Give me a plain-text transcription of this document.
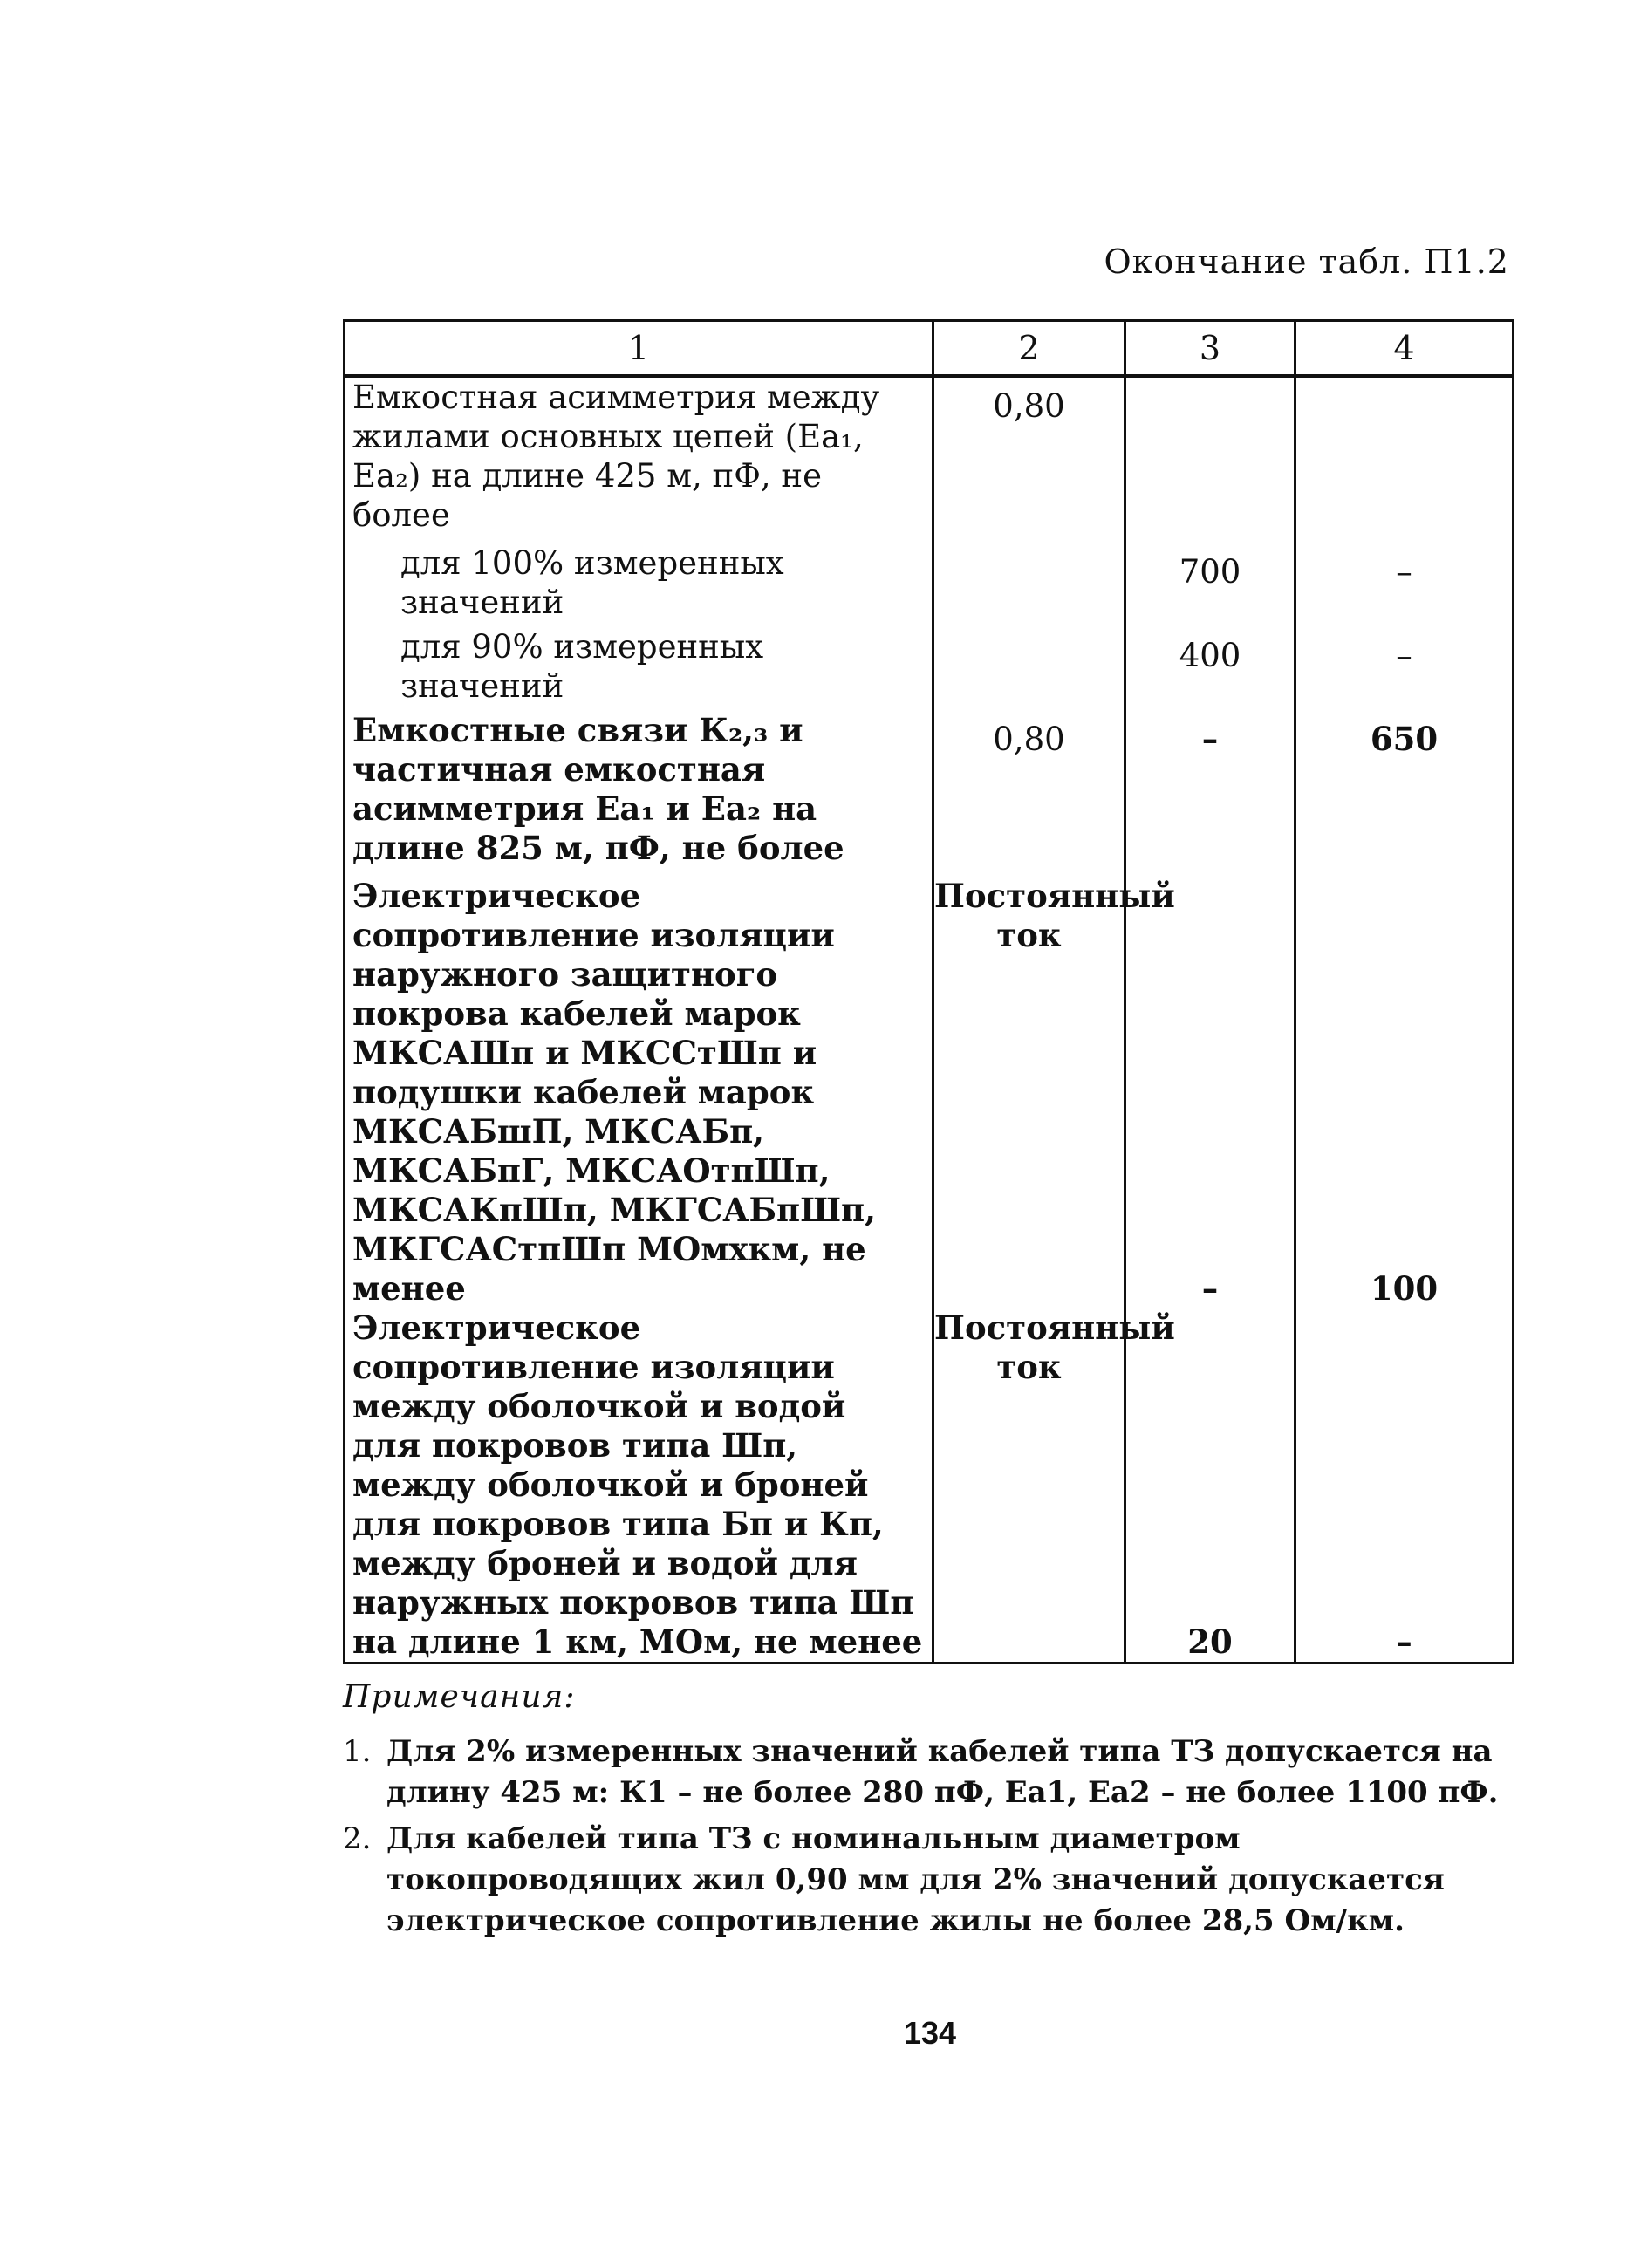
Окончание табл. П1.2
1	2	3	4

Емкостная асимметрия между жилами основных цепей (Еа₁, Еа₂) на длине 425 м, пФ, не более	0,80		

для 100% измеренных значений		700	–

для 90% измеренных значений		400	–

Емкостные связи К₂,₃ и частичная емкостная асимметрия Еа₁ и Еа₂ на длине 825 м, пФ, не более	0,80	–	650

Электрическое сопротивление изоляции наружного защитного покрова кабелей марок МКСАШп и МКССтШп и подушки кабелей марок МКСАБшП, МКСАБп, МКСАБпГ, МКСАОтпШп, МКСАКпШп, МКГСАБпШп, МКГСАСтпШп МОмхкм, не менее	Постоянный ток	–	100

Электрическое сопротивление изоляции между оболочкой и водой для покровов типа Шп, между оболочкой и броней для покровов типа Бп и Кп, между броней и водой для наружных покровов типа Шп на длине 1 км, МОм, не менее	Постоянный ток	20	–
Примечания:
1. Для 2% измеренных значений кабелей типа ТЗ допускается на длину 425 м: К1 – не более 280 пФ, Еа1, Еа2 – не более 1100 пФ.
2. Для кабелей типа ТЗ с номинальным диаметром токопроводящих жил 0,90 мм для 2% значений допускается электрическое сопротивление жилы не более 28,5 Ом/км.
134
